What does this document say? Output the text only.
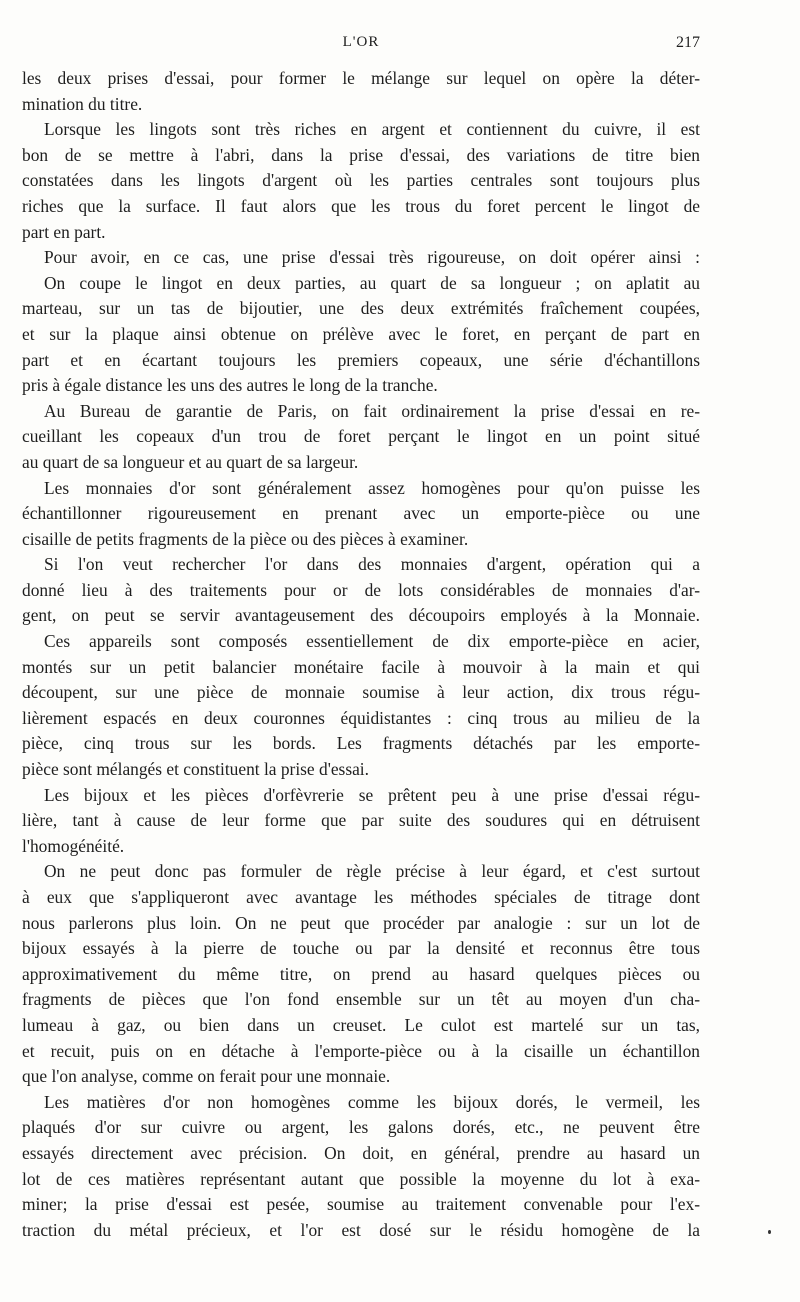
L'OR	217
les deux prises d'essai, pour former le mélange sur lequel on opère la déter-
mination du titre.
Lorsque les lingots sont très riches en argent et contiennent du cuivre, il est
bon de se mettre à l'abri, dans la prise d'essai, des variations de titre bien
constatées dans les lingots d'argent où les parties centrales sont toujours plus
riches que la surface. Il faut alors que les trous du foret percent le lingot de
part en part.
Pour avoir, en ce cas, une prise d'essai très rigoureuse, on doit opérer ainsi :
On coupe le lingot en deux parties, au quart de sa longueur ; on aplatit au
marteau, sur un tas de bijoutier, une des deux extrémités fraîchement coupées,
et sur la plaque ainsi obtenue on prélève avec le foret, en perçant de part en
part et en écartant toujours les premiers copeaux, une série d'échantillons
pris à égale distance les uns des autres le long de la tranche.
Au Bureau de garantie de Paris, on fait ordinairement la prise d'essai en re-
cueillant les copeaux d'un trou de foret perçant le lingot en un point situé
au quart de sa longueur et au quart de sa largeur.
Les monnaies d'or sont généralement assez homogènes pour qu'on puisse les
échantillonner rigoureusement en prenant avec un emporte-pièce ou une
cisaille de petits fragments de la pièce ou des pièces à examiner.
Si l'on veut rechercher l'or dans des monnaies d'argent, opération qui a
donné lieu à des traitements pour or de lots considérables de monnaies d'ar-
gent, on peut se servir avantageusement des découpoirs employés à la Monnaie.
Ces appareils sont composés essentiellement de dix emporte-pièce en acier,
montés sur un petit balancier monétaire facile à mouvoir à la main et qui
découpent, sur une pièce de monnaie soumise à leur action, dix trous régu-
lièrement espacés en deux couronnes équidistantes : cinq trous au milieu de la
pièce, cinq trous sur les bords. Les fragments détachés par les emporte-
pièce sont mélangés et constituent la prise d'essai.
Les bijoux et les pièces d'orfèvrerie se prêtent peu à une prise d'essai régu-
lière, tant à cause de leur forme que par suite des soudures qui en détruisent
l'homogénéité.
On ne peut donc pas formuler de règle précise à leur égard, et c'est surtout
à eux que s'appliqueront avec avantage les méthodes spéciales de titrage dont
nous parlerons plus loin. On ne peut que procéder par analogie : sur un lot de
bijoux essayés à la pierre de touche ou par la densité et reconnus être tous
approximativement du même titre, on prend au hasard quelques pièces ou
fragments de pièces que l'on fond ensemble sur un têt au moyen d'un cha-
lumeau à gaz, ou bien dans un creuset. Le culot est martelé sur un tas,
et recuit, puis on en détache à l'emporte-pièce ou à la cisaille un échantillon
que l'on analyse, comme on ferait pour une monnaie.
Les matières d'or non homogènes comme les bijoux dorés, le vermeil, les
plaqués d'or sur cuivre ou argent, les galons dorés, etc., ne peuvent être
essayés directement avec précision. On doit, en général, prendre au hasard un
lot de ces matières représentant autant que possible la moyenne du lot à exa-
miner; la prise d'essai est pesée, soumise au traitement convenable pour l'ex-
traction du métal précieux, et l'or est dosé sur le résidu homogène de la
